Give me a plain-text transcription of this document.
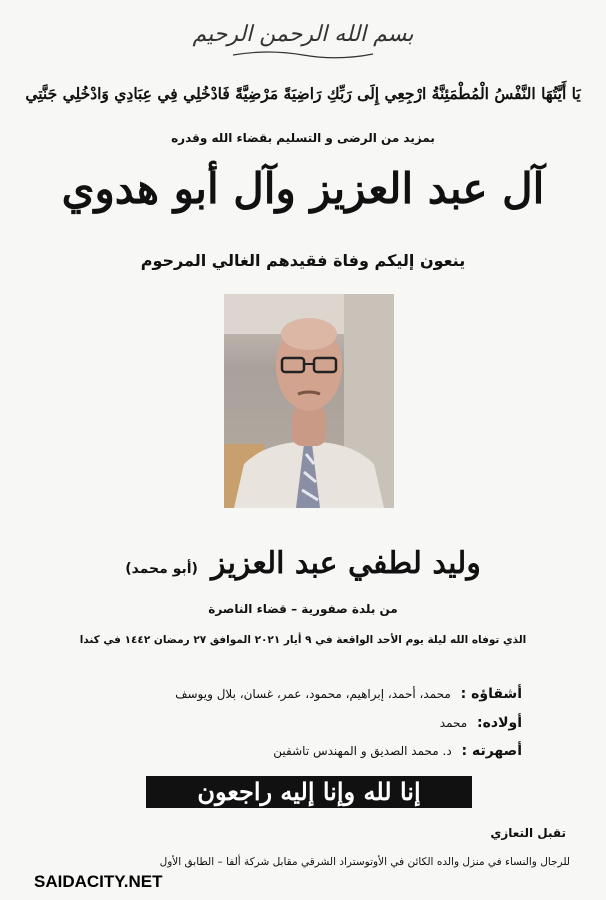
بسم الله الرحمن الرحيم
يَا أَيَّتُهَا النَّفْسُ الْمُطْمَئِنَّةُ ارْجِعِي إِلَى رَبِّكِ رَاضِيَةً مَرْضِيَّةً فَادْخُلِي فِي عِبَادِي وَادْخُلِي جَنَّتِي
بمزيد من الرضى و التسليم بقضاء الله وقدره
آل عبد العزيز وآل أبو هدوي
ينعون إليكم وفاة فقيدهم الغالي المرحوم
وليد لطفي عبد العزيز (أبو محمد)
من بلدة صفورية – قضاء الناصرة
الذي توفاه الله ليلة يوم الأحد الواقعة في ٩ أيار ٢٠٢١ الموافق ٢٧ رمضان ١٤٤٢ في كندا
أشقاؤه : محمد، أحمد، إبراهيم، محمود، عمر، غسان، بلال ويوسف
أولاده: محمد
أصهرته : د. محمد الصديق و المهندس تاشفين
إنا لله وإنا إليه راجعون
تقبل التعازي
للرجال والنساء في منزل والده الكائن في الأوتوستراد الشرقي مقابل شركة ألفا – الطابق الأول
SAIDACITY.NET
